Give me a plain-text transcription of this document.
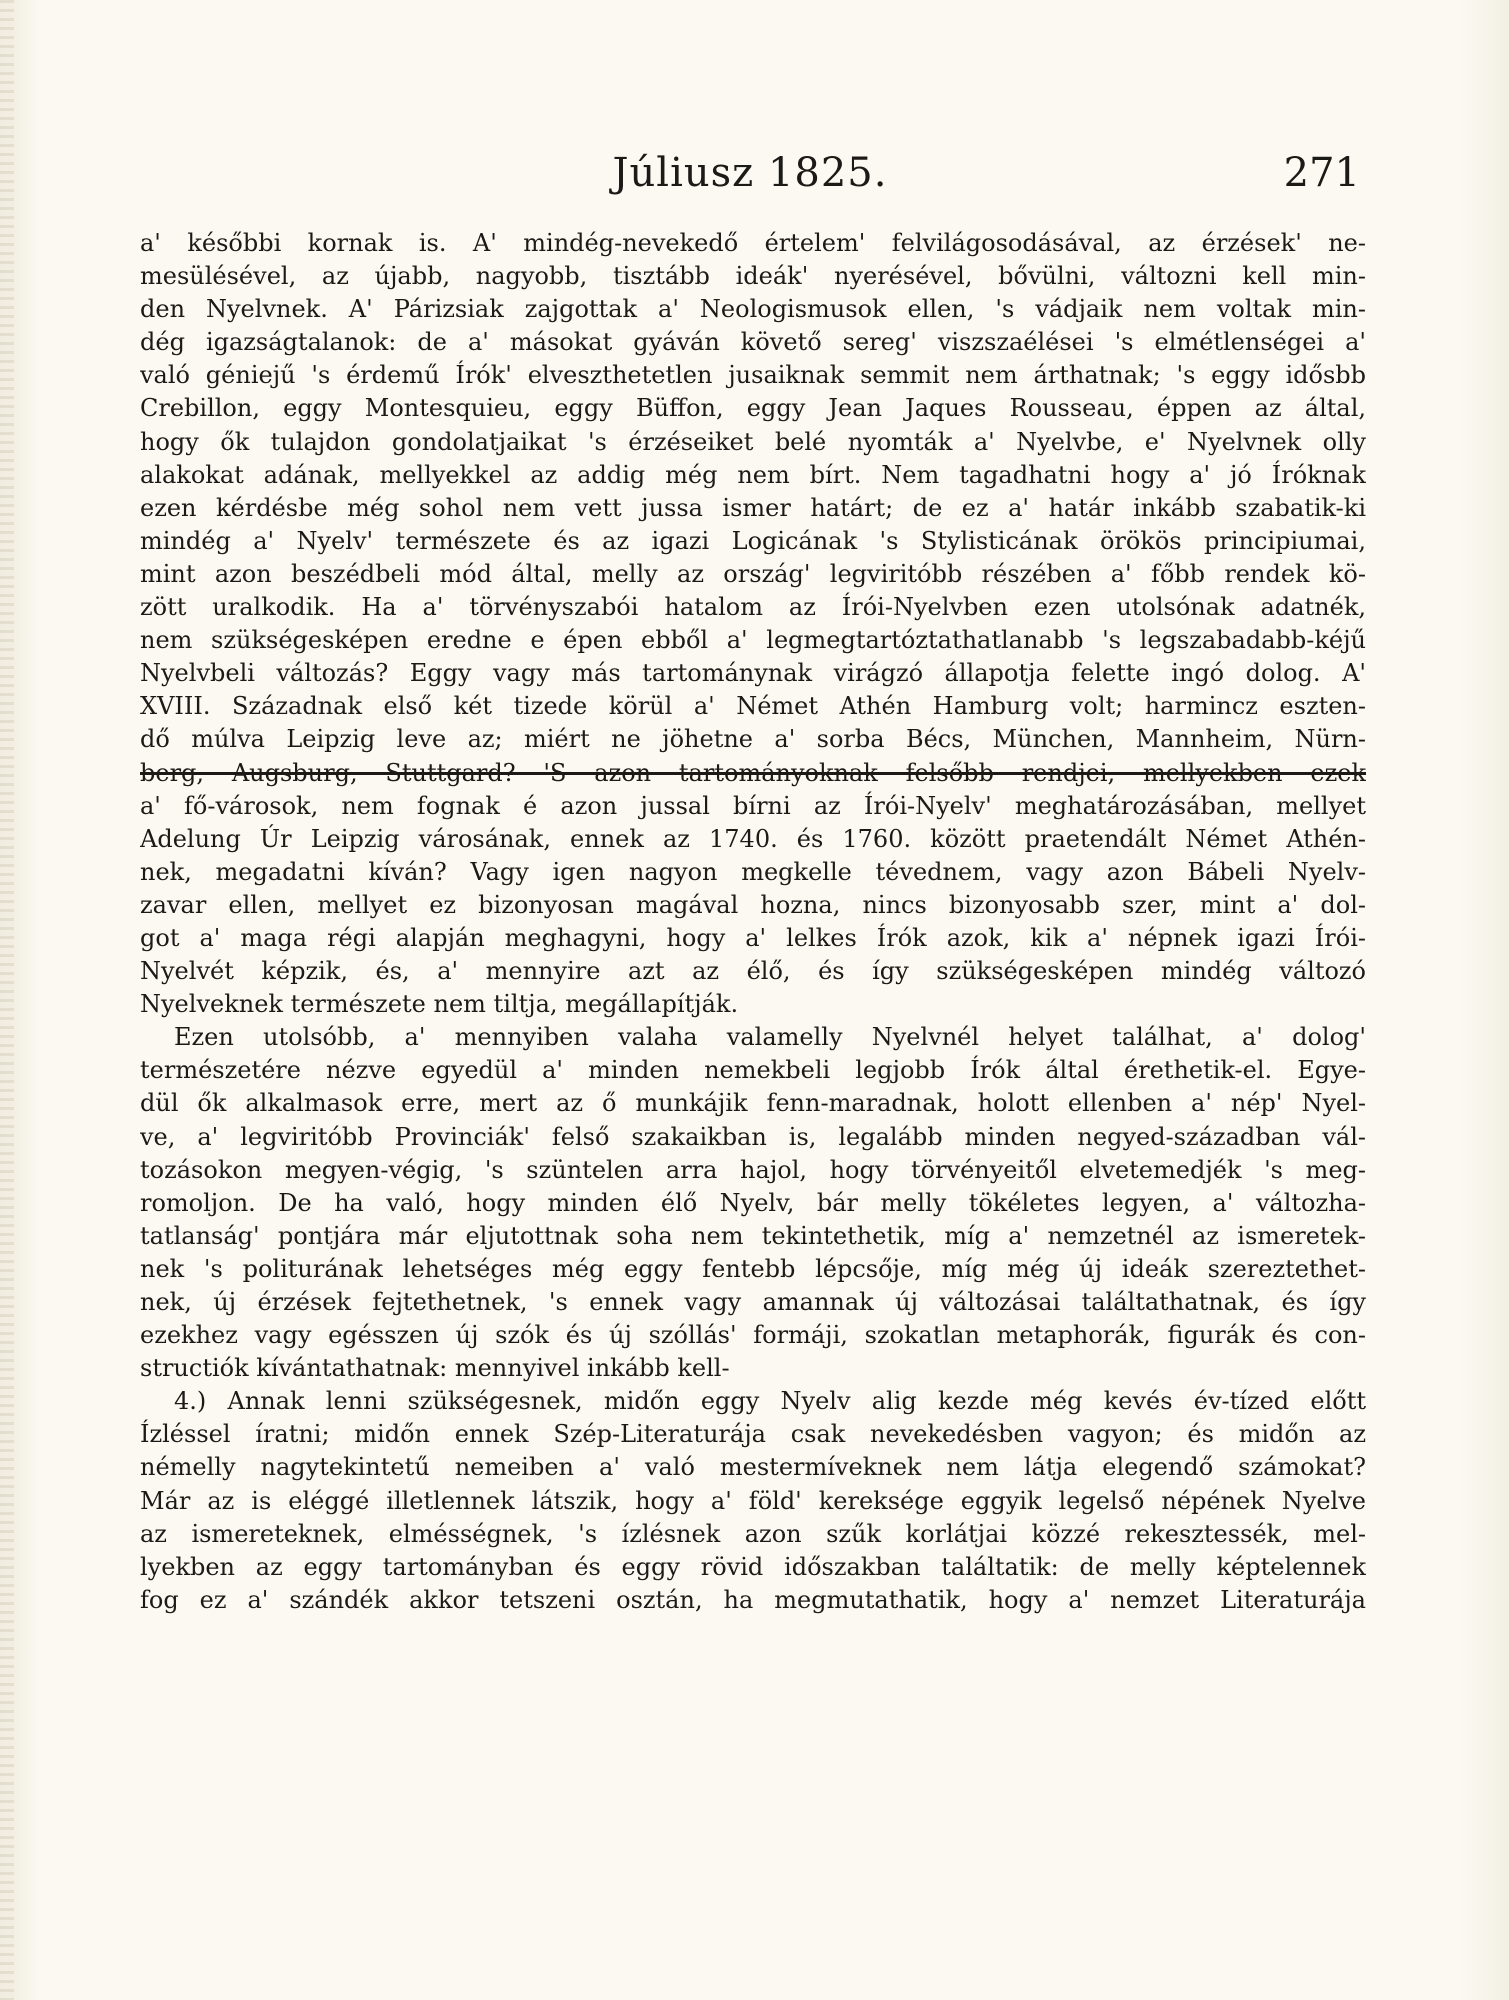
Júliusz 1825.	271
a' későbbi kornak is. A' mindég-nevekedő értelem' felvilágosodásával, az érzések' ne-
mesülésével, az újabb, nagyobb, tisztább ideák' nyerésével, bővülni, változni kell min-
den Nyelvnek. A' Párizsiak zajgottak a' Neologismusok ellen, 's vádjaik nem voltak min-
dég igazságtalanok: de a' másokat gyáván követő sereg' viszszaélései 's elmétlenségei a'
való géniejű 's érdemű Írók' elveszthetetlen jusaiknak semmit nem árthatnak; 's eggy idősbb
Crebillon, eggy Montesquieu, eggy Büffon, eggy Jean Jaques Rousseau, éppen az által,
hogy ők tulajdon gondolatjaikat 's érzéseiket belé nyomták a' Nyelvbe, e' Nyelvnek olly
alakokat adának, mellyekkel az addig még nem bírt. Nem tagadhatni hogy a' jó Íróknak
ezen kérdésbe még sohol nem vett jussa ismer határt; de ez a' határ inkább szabatik-ki
mindég a' Nyelv' természete és az igazi Logicának 's Stylisticának örökös principiumai,
mint azon beszédbeli mód által, melly az ország' legviritóbb részében a' főbb rendek kö-
zött uralkodik. Ha a' törvényszabói hatalom az Írói-Nyelvben ezen utolsónak adatnék,
nem szükségesképen eredne e épen ebből a' legmegtartóztathatlanabb 's legszabadabb-kéjű
Nyelvbeli változás? Eggy vagy más tartománynak virágzó állapotja felette ingó dolog. A'
XVIII. Századnak első két tizede körül a' Német Athén Hamburg volt; harmincz eszten-
dő múlva Leipzig leve az; miért ne jöhetne a' sorba Bécs, München, Mannheim, Nürn-
berg, Augsburg, Stuttgard? 'S azon tartományoknak felsőbb rendjei, mellyekben ezek
a' fő-városok, nem fognak é azon jussal bírni az Írói-Nyelv' meghatározásában, mellyet
Adelung Úr Leipzig városának, ennek az 1740. és 1760. között praetendált Német Athén-
nek, megadatni kíván? Vagy igen nagyon megkelle tévednem, vagy azon Bábeli Nyelv-
zavar ellen, mellyet ez bizonyosan magával hozna, nincs bizonyosabb szer, mint a' dol-
got a' maga régi alapján meghagyni, hogy a' lelkes Írók azok, kik a' népnek igazi Írói-
Nyelvét képzik, és, a' mennyire azt az élő, és így szükségesképen mindég változó
Nyelveknek természete nem tiltja, megállapítják.
Ezen utolsóbb, a' mennyiben valaha valamelly Nyelvnél helyet találhat, a' dolog'
természetére nézve egyedül a' minden nemekbeli legjobb Írók által érethetik-el. Egye-
dül ők alkalmasok erre, mert az ő munkájik fenn-maradnak, holott ellenben a' nép' Nyel-
ve, a' legviritóbb Provinciák' felső szakaikban is, legalább minden negyed-században vál-
tozásokon megyen-végig, 's szüntelen arra hajol, hogy törvényeitől elvetemedjék 's meg-
romoljon. De ha való, hogy minden élő Nyelv, bár melly tökéletes legyen, a' változha-
tatlanság' pontjára már eljutottnak soha nem tekintethetik, míg a' nemzetnél az ismeretek-
nek 's politurának lehetséges még eggy fentebb lépcsője, míg még új ideák szereztethet-
nek, új érzések fejtethetnek, 's ennek vagy amannak új változásai találtathatnak, és így
ezekhez vagy egésszen új szók és új szóllás' formáji, szokatlan metaphorák, figurák és con-
structiók kívántathatnak: mennyivel inkább kell-
4.) Annak lenni szükségesnek, midőn eggy Nyelv alig kezde még kevés év-tízed előtt
Ízléssel íratni; midőn ennek Szép-Literaturája csak nevekedésben vagyon; és midőn az
némelly nagytekintetű nemeiben a' való mestermíveknek nem látja elegendő számokat?
Már az is eléggé illetlennek látszik, hogy a' föld' kereksége eggyik legelső népének Nyelve
az ismereteknek, elmésségnek, 's ízlésnek azon szűk korlátjai közzé rekesztessék, mel-
lyekben az eggy tartományban és eggy rövid időszakban találtatik: de melly képtelennek
fog ez a' szándék akkor tetszeni osztán, ha megmutathatik, hogy a' nemzet Literaturája
